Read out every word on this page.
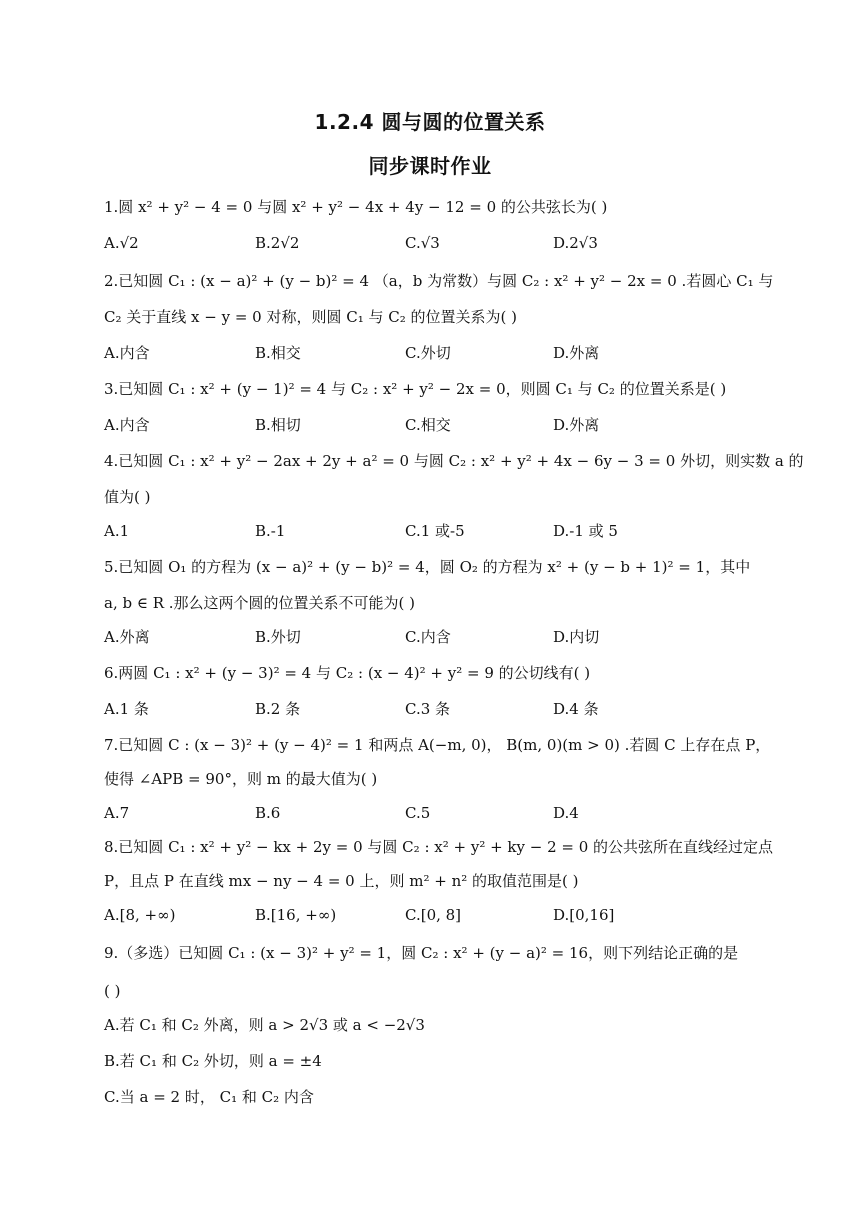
1.2.4 圆与圆的位置关系
同步课时作业
1.圆 x² + y² − 4 = 0 与圆 x² + y² − 4x + 4y − 12 = 0 的公共弦长为( )
A.√2	B.2√2	C.√3	D.2√3
2.已知圆 C₁ : (x − a)² + (y − b)² = 4 （a，b 为常数）与圆 C₂ : x² + y² − 2x = 0 .若圆心 C₁ 与
C₂ 关于直线 x − y = 0 对称，则圆 C₁ 与 C₂ 的位置关系为( )
A.内含	B.相交	C.外切	D.外离
3.已知圆 C₁ : x² + (y − 1)² = 4 与 C₂ : x² + y² − 2x = 0，则圆 C₁ 与 C₂ 的位置关系是( )
A.内含	B.相切	C.相交	D.外离
4.已知圆 C₁ : x² + y² − 2ax + 2y + a² = 0 与圆 C₂ : x² + y² + 4x − 6y − 3 = 0 外切，则实数 a 的
值为( )
A.1	B.-1	C.1 或-5	D.-1 或 5
5.已知圆 O₁ 的方程为 (x − a)² + (y − b)² = 4，圆 O₂ 的方程为 x² + (y − b + 1)² = 1，其中
a, b ∈ R .那么这两个圆的位置关系不可能为( )
A.外离	B.外切	C.内含	D.内切
6.两圆 C₁ : x² + (y − 3)² = 4 与 C₂ : (x − 4)² + y² = 9 的公切线有( )
A.1 条	B.2 条	C.3 条	D.4 条
7.已知圆 C : (x − 3)² + (y − 4)² = 1 和两点 A(−m, 0)， B(m, 0)(m > 0) .若圆 C 上存在点 P，
使得 ∠APB = 90°，则 m 的最大值为( )
A.7	B.6	C.5	D.4
8.已知圆 C₁ : x² + y² − kx + 2y = 0 与圆 C₂ : x² + y² + ky − 2 = 0 的公共弦所在直线经过定点
P，且点 P 在直线 mx − ny − 4 = 0 上，则 m² + n² 的取值范围是( )
A.[8, +∞)	B.[16, +∞)	C.[0, 8]	D.[0,16]
9.（多选）已知圆 C₁ : (x − 3)² + y² = 1，圆 C₂ : x² + (y − a)² = 16，则下列结论正确的是
( )
A.若 C₁ 和 C₂ 外离，则 a > 2√3 或 a < −2√3
B.若 C₁ 和 C₂ 外切，则 a = ±4
C.当 a = 2 时， C₁ 和 C₂ 内含
